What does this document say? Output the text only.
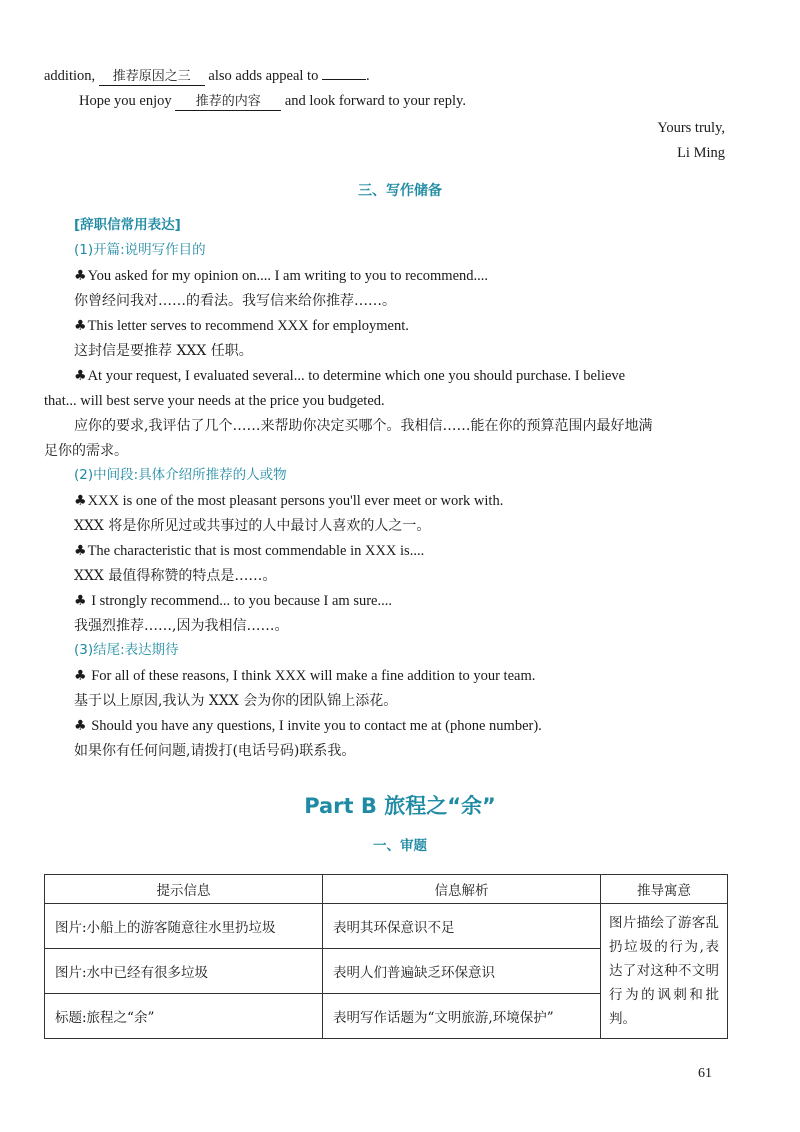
addition, 推荐原因之三 also adds appeal to	.
Hope you enjoy 推荐的内容 and look forward to your reply.
Yours truly,
Li Ming
三、写作储备
[辞职信常用表达]
(1)开篇:说明写作目的
♣You asked for my opinion on.... I am writing to you to recommend....
你曾经问我对……的看法。我写信来给你推荐……。
♣This letter serves to recommend XXX for employment.
这封信是要推荐 XXX 任职。
♣At your request, I evaluated several... to determine which one you should purchase. I believe
that... will best serve your needs at the price you budgeted.
应你的要求,我评估了几个……来帮助你决定买哪个。我相信……能在你的预算范围内最好地满
足你的需求。
(2)中间段:具体介绍所推荐的人或物
♣XXX is one of the most pleasant persons you'll ever meet or work with.
XXX 将是你所见过或共事过的人中最讨人喜欢的人之一。
♣The characteristic that is most commendable in XXX is....
XXX 最值得称赞的特点是……。
♣ I strongly recommend... to you because I am sure....
我强烈推荐……,因为我相信……。
(3)结尾:表达期待
♣ For all of these reasons, I think XXX will make a fine addition to your team.
基于以上原因,我认为 XXX 会为你的团队锦上添花。
♣ Should you have any questions, I invite you to contact me at (phone number).
如果你有任何问题,请拨打(电话号码)联系我。
Part B 旅程之“余”
一、审题
提示信息	信息解析	推导寓意
图片:小船上的游客随意往水里扔垃圾	表明其环保意识不足	图片描绘了游客乱扔垃圾的行为,表达了对这种不文明行为的讽刺和批判。
图片:水中已经有很多垃圾	表明人们普遍缺乏环保意识	
标题:旅程之“余”	表明写作话题为“文明旅游,环境保护”	
61
